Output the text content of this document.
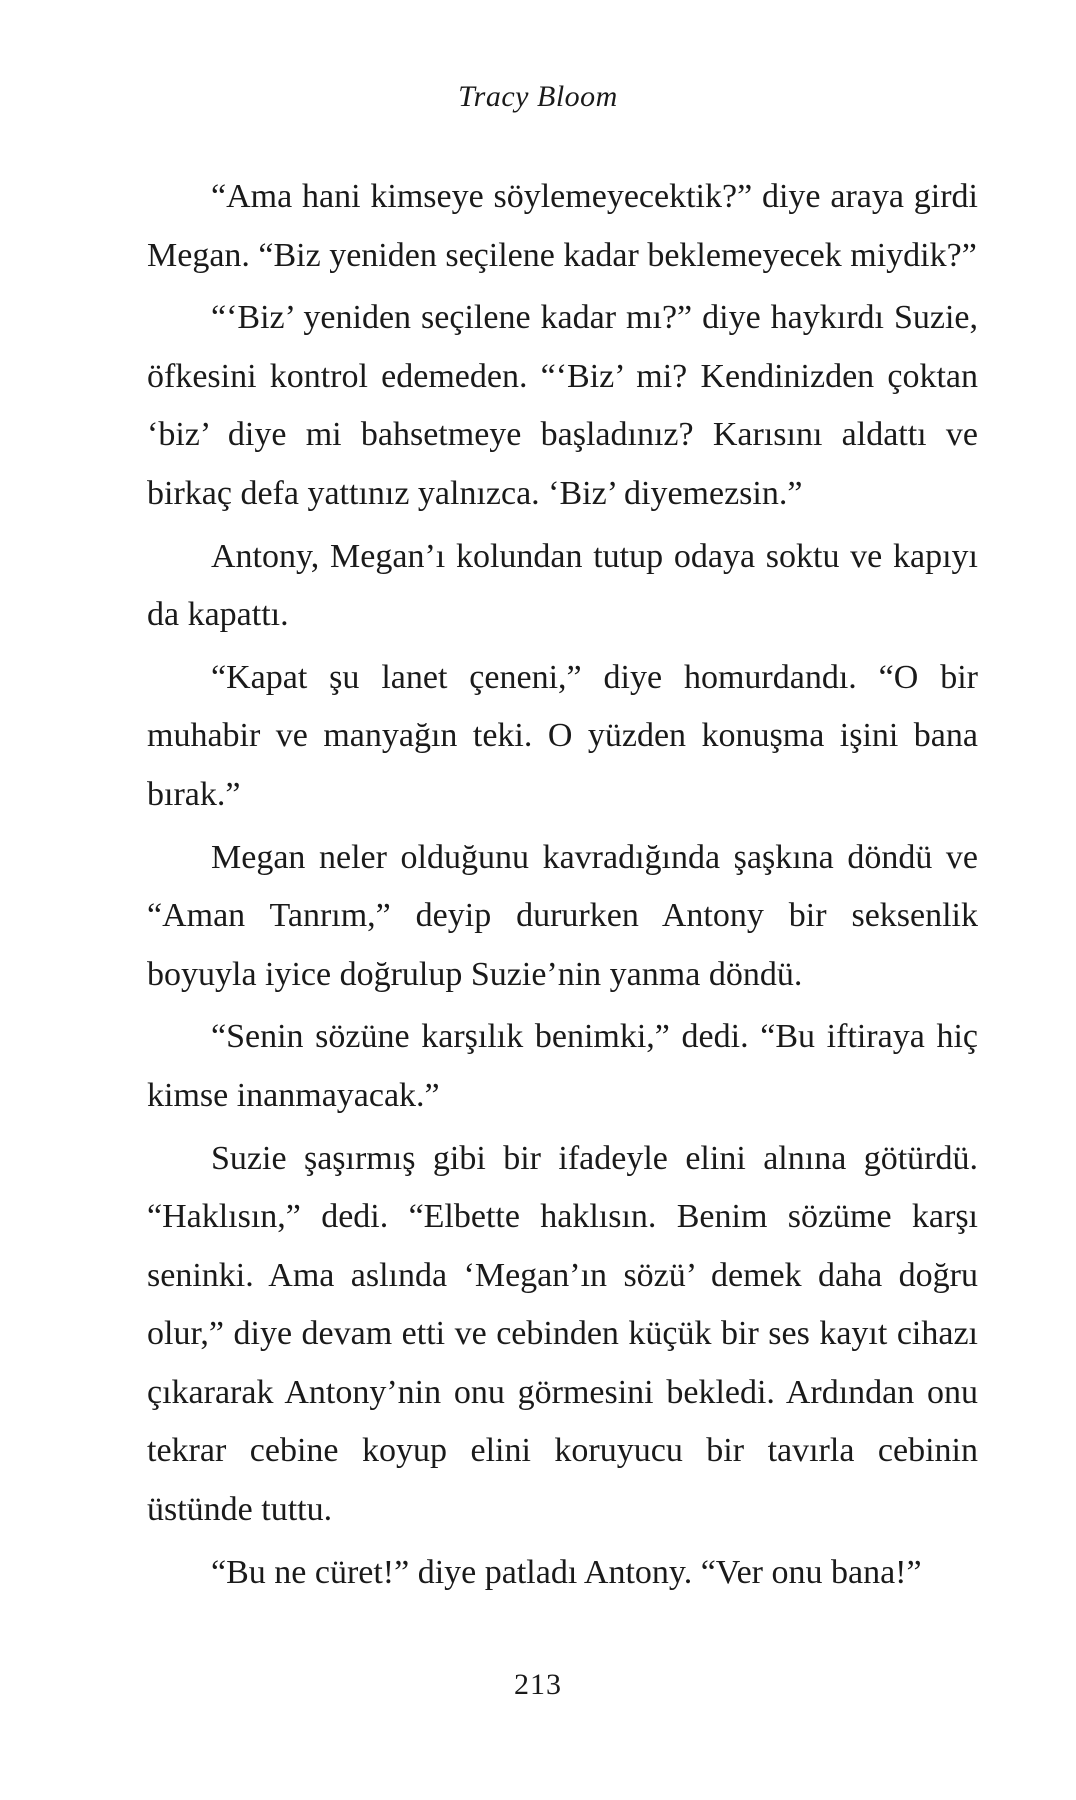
Tracy Bloom

“Ama hani kimseye söylemeyecektik?” diye araya girdi Megan. “Biz yeniden seçilene kadar beklemeyecek miydik?”

“‘Biz’ yeniden seçilene kadar mı?” diye haykırdı Suzie, öfkesini kontrol edemeden. “‘Biz’ mi? Kendinizden çoktan ‘biz’ diye mi bahsetmeye başladınız? Karısını aldattı ve birkaç defa yattınız yalnızca. ‘Biz’ diyemezsin.”

Antony, Megan’ı kolundan tutup odaya soktu ve kapıyı da kapattı.

“Kapat şu lanet çeneni,” diye homurdandı. “O bir muhabir ve manyağın teki. O yüzden konuşma işini bana bırak.”

Megan neler olduğunu kavradığında şaşkına döndü ve “Aman Tanrım,” deyip dururken Antony bir seksenlik boyuyla iyice doğrulup Suzie’nin yanma döndü.

“Senin sözüne karşılık benimki,” dedi. “Bu iftiraya hiç kimse inanmayacak.”

Suzie şaşırmış gibi bir ifadeyle elini alnına götürdü. “Haklısın,” dedi. “Elbette haklısın. Benim sözüme karşı seninki. Ama aslında ‘Megan’ın sözü’ demek daha doğru olur,” diye devam etti ve cebinden küçük bir ses kayıt cihazı çıkararak Antony’nin onu görmesini bekledi. Ardından onu tekrar cebine koyup elini koruyucu bir tavırla cebinin üstünde tuttu.

“Bu ne cüret!” diye patladı Antony. “Ver onu bana!”

213
